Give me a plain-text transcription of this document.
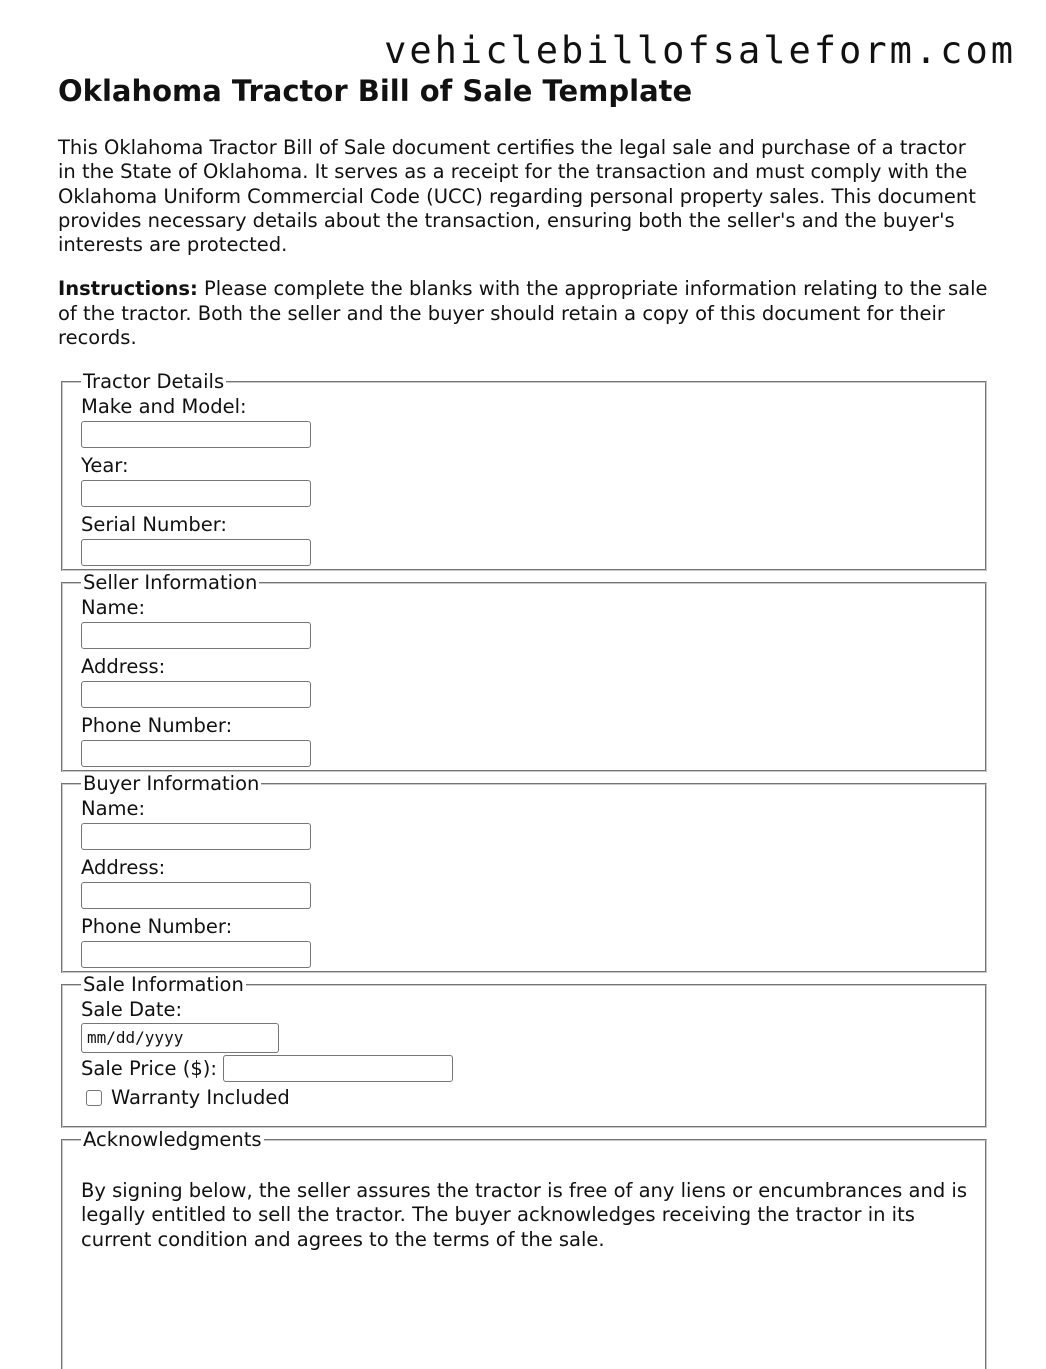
vehiclebillofsaleform.com
Oklahoma Tractor Bill of Sale Template

This Oklahoma Tractor Bill of Sale document certifies the legal sale and purchase of a tractor in the State of Oklahoma. It serves as a receipt for the transaction and must comply with the Oklahoma Uniform Commercial Code (UCC) regarding personal property sales. This document provides necessary details about the transaction, ensuring both the seller's and the buyer's interests are protected.

Instructions: Please complete the blanks with the appropriate information relating to the sale of the tractor. Both the seller and the buyer should retain a copy of this document for their records.

Tractor Details
Make and Model:
Year:
Serial Number:
Seller Information
Name:
Address:
Phone Number:
Buyer Information
Name:
Address:
Phone Number:
Sale Information
Sale Date:
mm/dd/yyyy
Sale Price ($):
Warranty Included
Acknowledgments

By signing below, the seller assures the tractor is free of any liens or encumbrances and is legally entitled to sell the tractor. The buyer acknowledges receiving the tractor in its current condition and agrees to the terms of the sale.
